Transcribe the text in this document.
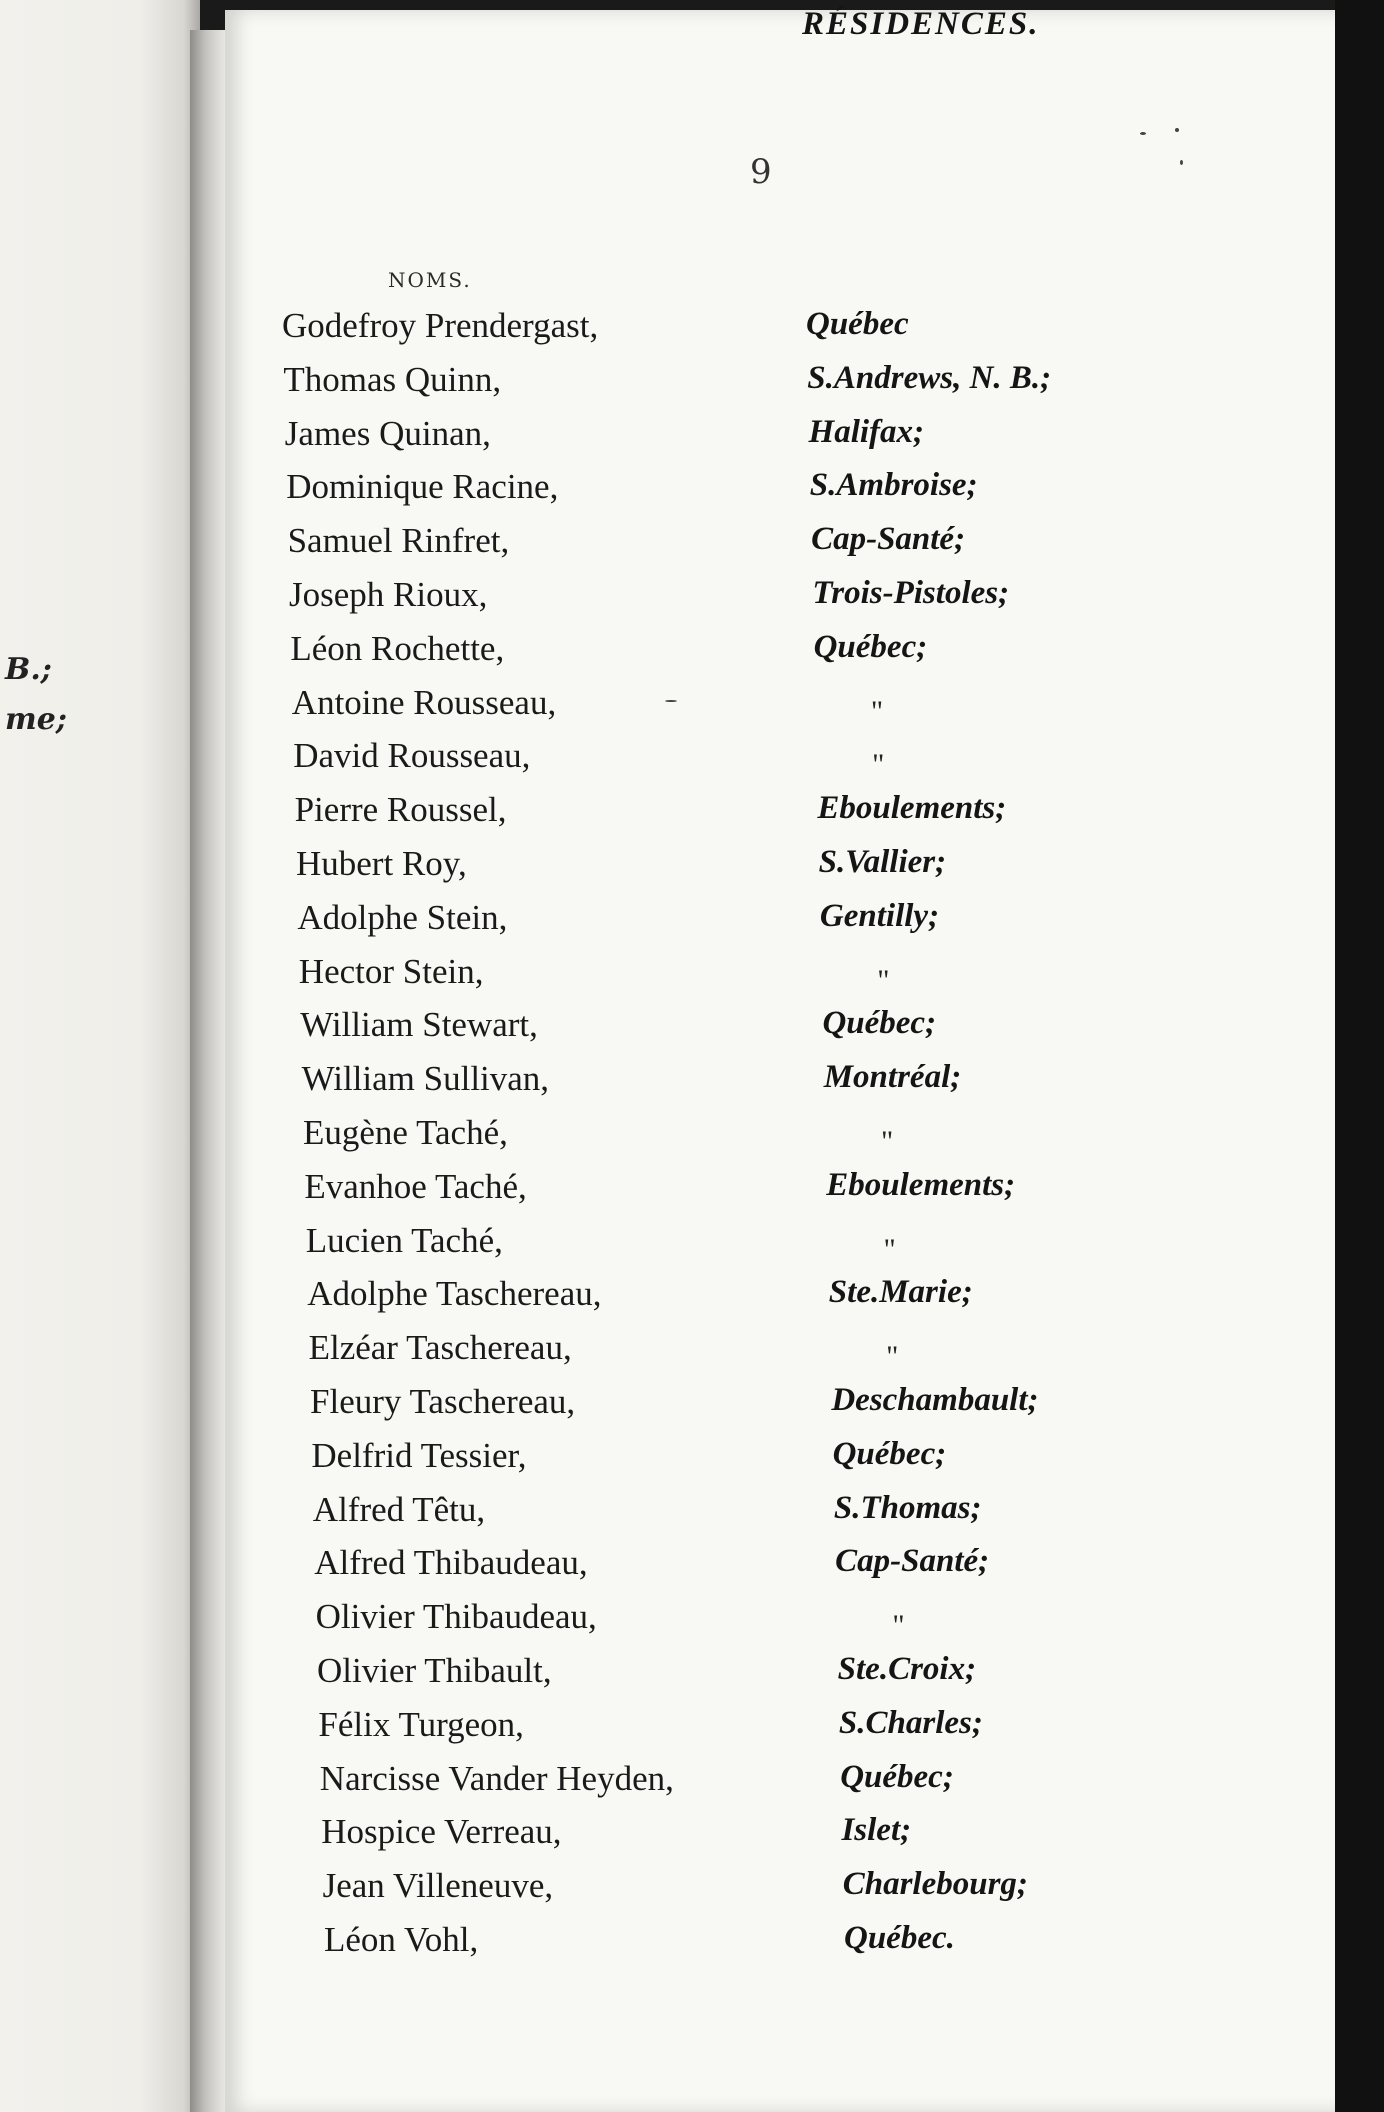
B.;
me;
9
NOMS.
RÉSIDENCES.
Godefroy Prendergast,	Québec
Thomas Quinn,	S.Andrews, N. B.;
James Quinan,	Halifax;
Dominique Racine,	S.Ambroise;
Samuel Rinfret,	Cap-Santé;
Joseph Rioux,	Trois-Pistoles;
Léon Rochette,	Québec;
Antoine Rousseau,	"
David Rousseau,	"
Pierre Roussel,	Eboulements;
Hubert Roy,	S.Vallier;
Adolphe Stein,	Gentilly;
Hector Stein,	"
William Stewart,	Québec;
William Sullivan,	Montréal;
Eugène Taché,	"
Evanhoe Taché,	Eboulements;
Lucien Taché,	"
Adolphe Taschereau,	Ste.Marie;
Elzéar Taschereau,	"
Fleury Taschereau,	Deschambault;
Delfrid Tessier,	Québec;
Alfred Têtu,	S.Thomas;
Alfred Thibaudeau,	Cap-Santé;
Olivier Thibaudeau,	"
Olivier Thibault,	Ste.Croix;
Félix Turgeon,	S.Charles;
Narcisse Vander Heyden,	Québec;
Hospice Verreau,	Islet;
Jean Villeneuve,	Charlebourg;
Léon Vohl,	Québec.
